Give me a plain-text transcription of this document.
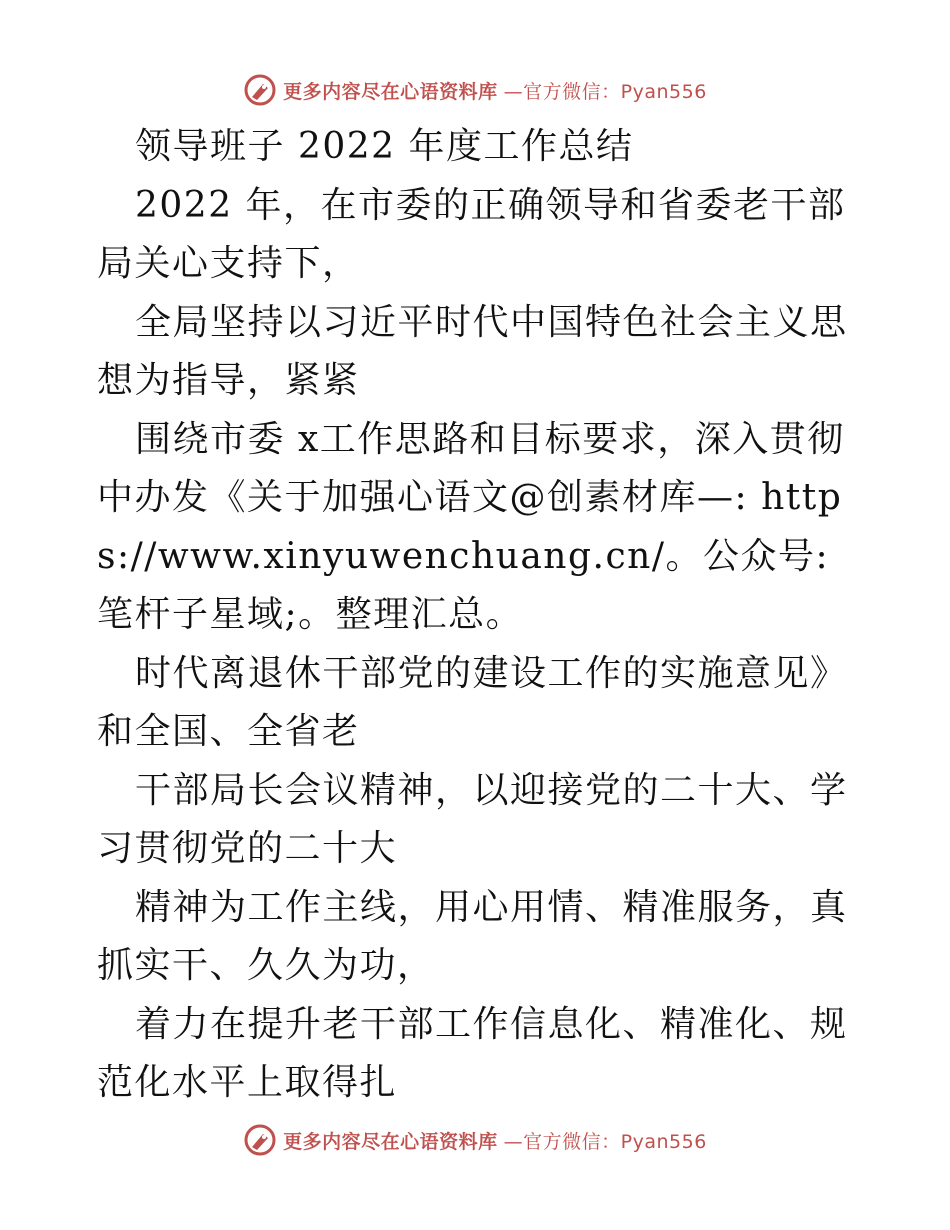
更多内容尽在心语资料库 —官方微信：Pyan556

领导班子 2022 年度工作总结

2022 年，在市委的正确领导和省委老干部局关心支持下，

全局坚持以习近平时代中国特色社会主义思想为指导，紧紧

围绕市委 x工作思路和目标要求，深入贯彻中办发《关于加强心语文@创素材库—: https://www.xinyuwenchuang.cn/。公众号: 笔杆子星域;。整理汇总。

时代离退休干部党的建设工作的实施意见》和全国、全省老

干部局长会议精神，以迎接党的二十大、学习贯彻党的二十大

精神为工作主线，用心用情、精准服务，真抓实干、久久为功，

着力在提升老干部工作信息化、精准化、规范化水平上取得扎

更多内容尽在心语资料库 —官方微信：Pyan556
